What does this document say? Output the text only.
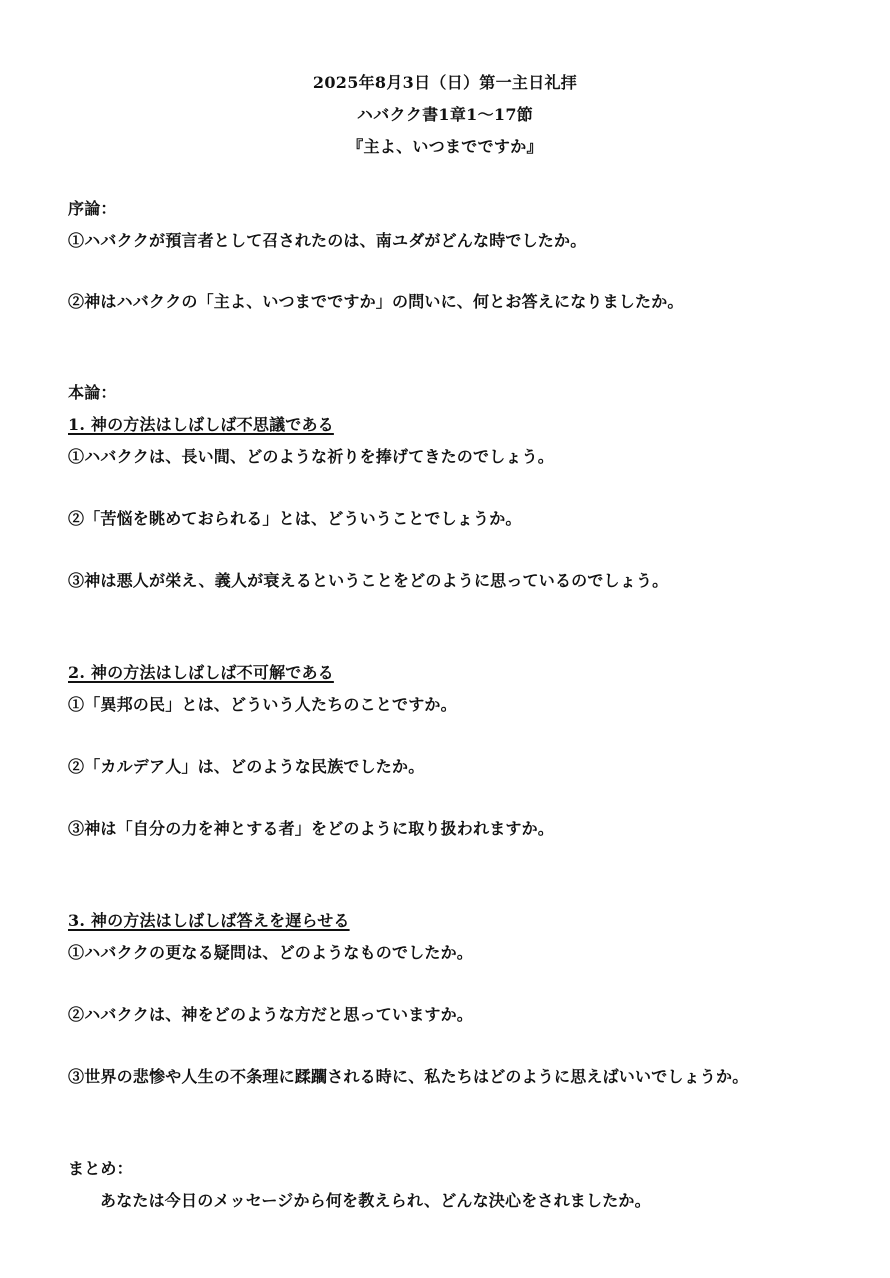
2025年8月3日（日）第一主日礼拝
ハバクク書1章1～17節
『主よ、いつまでですか』
序論：
①ハバククが預言者として召されたのは、南ユダがどんな時でしたか。
②神はハバククの「主よ、いつまでですか」の問いに、何とお答えになりましたか。
本論：
1. 神の方法はしばしば不思議である
①ハバククは、長い間、どのような祈りを捧げてきたのでしょう。
②「苦悩を眺めておられる」とは、どういうことでしょうか。
③神は悪人が栄え、義人が衰えるということをどのように思っているのでしょう。
2. 神の方法はしばしば不可解である
①「異邦の民」とは、どういう人たちのことですか。
②「カルデア人」は、どのような民族でしたか。
③神は「自分の力を神とする者」をどのように取り扱われますか。
3. 神の方法はしばしば答えを遅らせる
①ハバククの更なる疑問は、どのようなものでしたか。
②ハバククは、神をどのような方だと思っていますか。
③世界の悲惨や人生の不条理に蹂躙される時に、私たちはどのように思えばいいでしょうか。
まとめ：
あなたは今日のメッセージから何を教えられ、どんな決心をされましたか。
